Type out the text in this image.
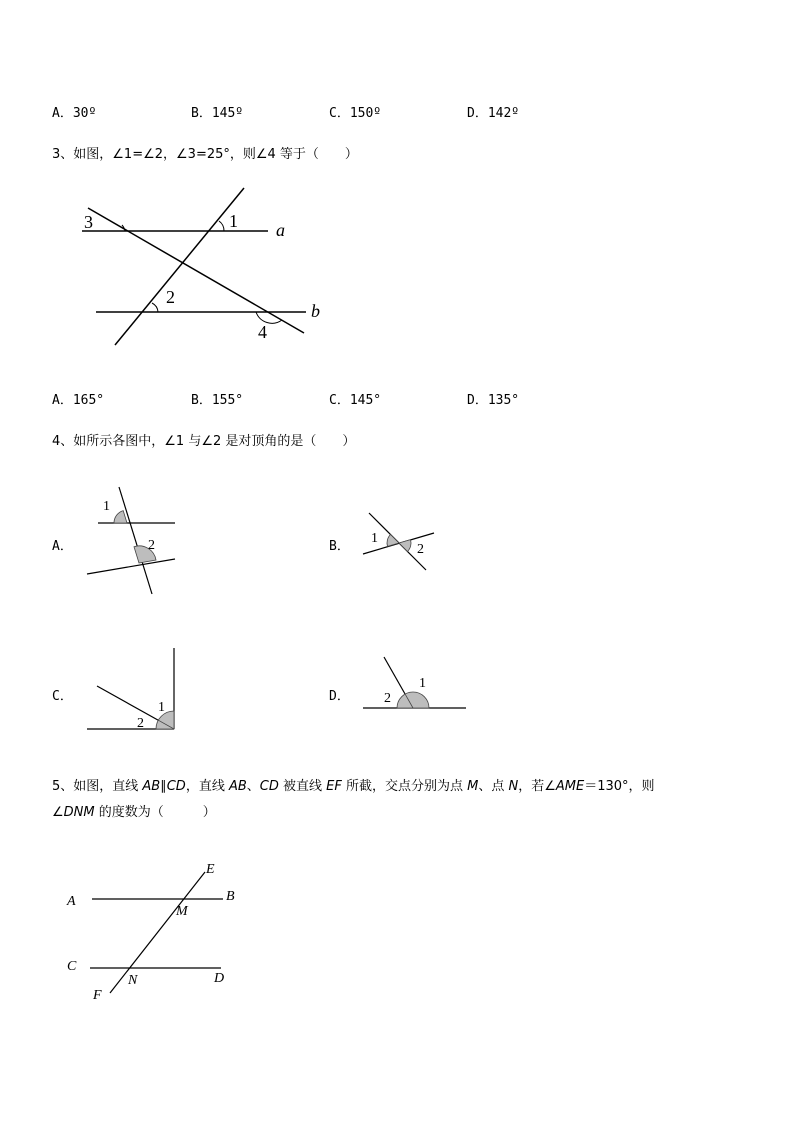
A．30º	B．145º	C．150º	D．142º
3、如图，∠1=∠2，∠3=25°，则∠4 等于（　　）
1
3
2
4
a
b
A．165°	B．155°	C．145°	D．135°
4、如所示各图中，∠1 与∠2 是对顶角的是（　　）
A．	B．
C．	D．
1
2	1
2
1
2
1
2
5、如图，直线 AB∥CD，直线 AB、CD 被直线 EF 所截，交点分别为点 M、点 N，若∠AME＝130°，则
∠DNM 的度数为（　　　）
A	B
C
D
E
F
M
N
